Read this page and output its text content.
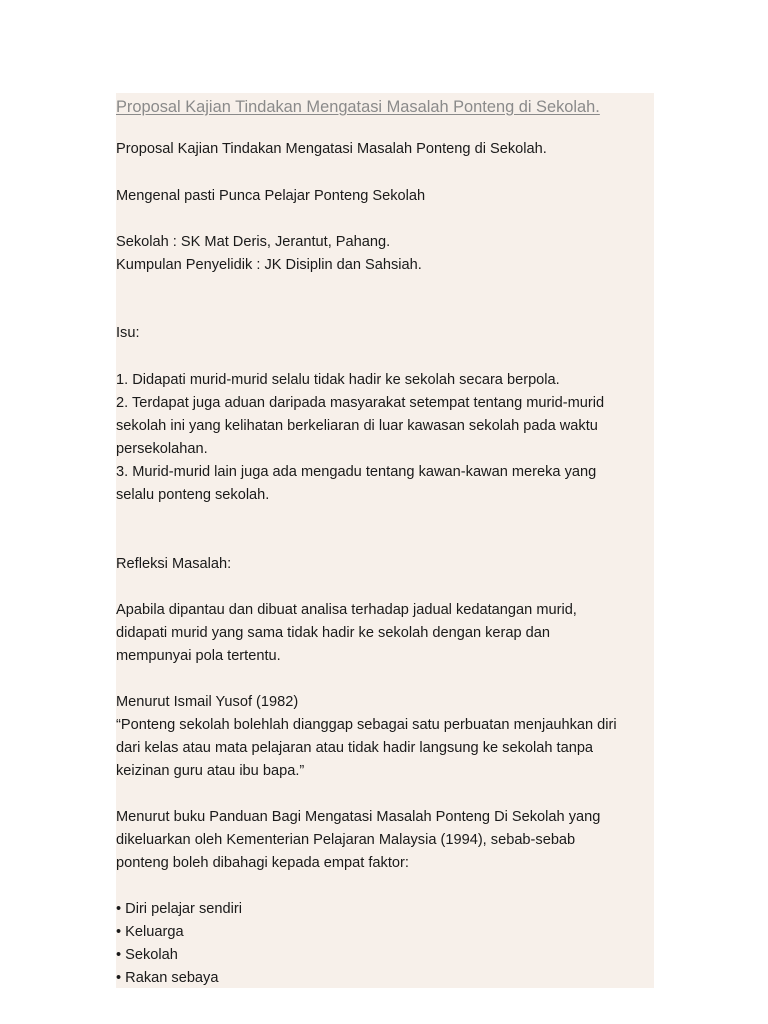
Proposal Kajian Tindakan Mengatasi Masalah Ponteng di Sekolah.
Proposal Kajian Tindakan Mengatasi Masalah Ponteng di Sekolah.
Mengenal pasti Punca Pelajar Ponteng Sekolah
Sekolah : SK Mat Deris, Jerantut, Pahang.
Kumpulan Penyelidik : JK Disiplin dan Sahsiah.
Isu:
1. Didapati murid-murid selalu tidak hadir ke sekolah secara berpola.
2. Terdapat juga aduan daripada masyarakat setempat tentang murid-murid
sekolah ini yang kelihatan berkeliaran di luar kawasan sekolah pada waktu
persekolahan.
3. Murid-murid lain juga ada mengadu tentang kawan-kawan mereka yang
selalu ponteng sekolah.
Refleksi Masalah:
Apabila dipantau dan dibuat analisa terhadap jadual kedatangan murid,
didapati murid yang sama tidak hadir ke sekolah dengan kerap dan
mempunyai pola tertentu.
Menurut Ismail Yusof (1982)
“Ponteng sekolah bolehlah dianggap sebagai satu perbuatan menjauhkan diri
dari kelas atau mata pelajaran atau tidak hadir langsung ke sekolah tanpa
keizinan guru atau ibu bapa.”
Menurut buku Panduan Bagi Mengatasi Masalah Ponteng Di Sekolah yang
dikeluarkan oleh Kementerian Pelajaran Malaysia (1994), sebab-sebab
ponteng boleh dibahagi kepada empat faktor:
• Diri pelajar sendiri
• Keluarga
• Sekolah
• Rakan sebaya
